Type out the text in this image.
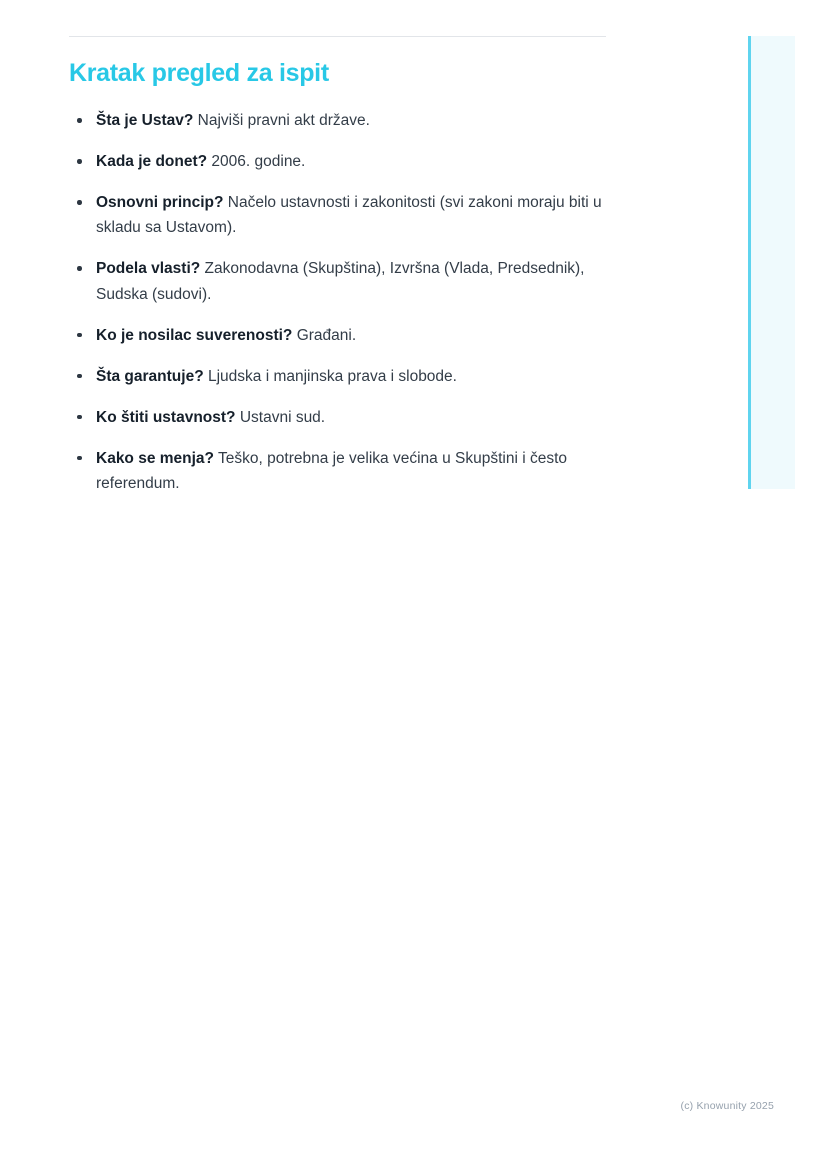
Kratak pregled za ispit
Šta je Ustav? Najviši pravni akt države.
Kada je donet? 2006. godine.
Osnovni princip? Načelo ustavnosti i zakonitosti (svi zakoni moraju biti u skladu sa Ustavom).
Podela vlasti? Zakonodavna (Skupština), Izvršna (Vlada, Predsednik), Sudska (sudovi).
Ko je nosilac suverenosti? Građani.
Šta garantuje? Ljudska i manjinska prava i slobode.
Ko štiti ustavnost? Ustavni sud.
Kako se menja? Teško, potrebna je velika većina u Skupštini i često referendum.
(c) Knowunity 2025
